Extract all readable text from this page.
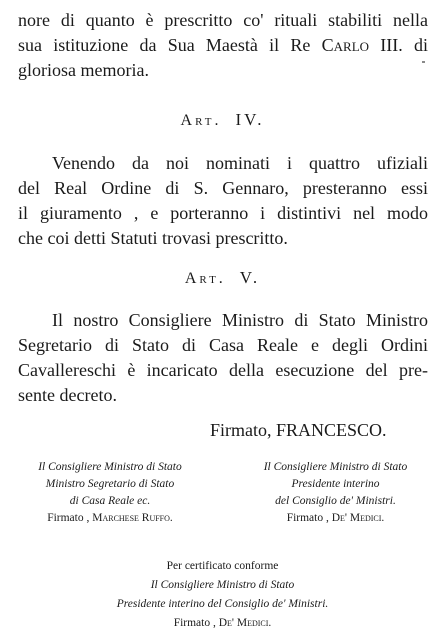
nore di quanto è prescritto co' rituali stabiliti nella
sua istituzione da Sua Maestà il Re Carlo III. di
gloriosa memoria.
Art. IV.
Venendo da noi nominati i quattro ufiziali
del Real Ordine di S. Gennaro, presteranno essi
il giuramento , e porteranno i distintivi nel modo
che coi detti Statuti trovasi prescritto.
Art. V.
Il nostro Consigliere Ministro di Stato Ministro
Segretario di Stato di Casa Reale e degli Ordini
Cavallereschi è incaricato della esecuzione del pre-
sente decreto.
Firmato, FRANCESCO.
Il Consigliere Ministro di Stato
Ministro Segretario di Stato
di Casa Reale ec.
Firmato , Marchese Ruffo.
Il Consigliere Ministro di Stato
Presidente interino
del Consiglio de' Ministri.
Firmato , De' Medici.
Per certificato conforme
Il Consigliere Ministro di Stato
Presidente interino del Consiglio de' Ministri.
Firmato , De' Medici.
